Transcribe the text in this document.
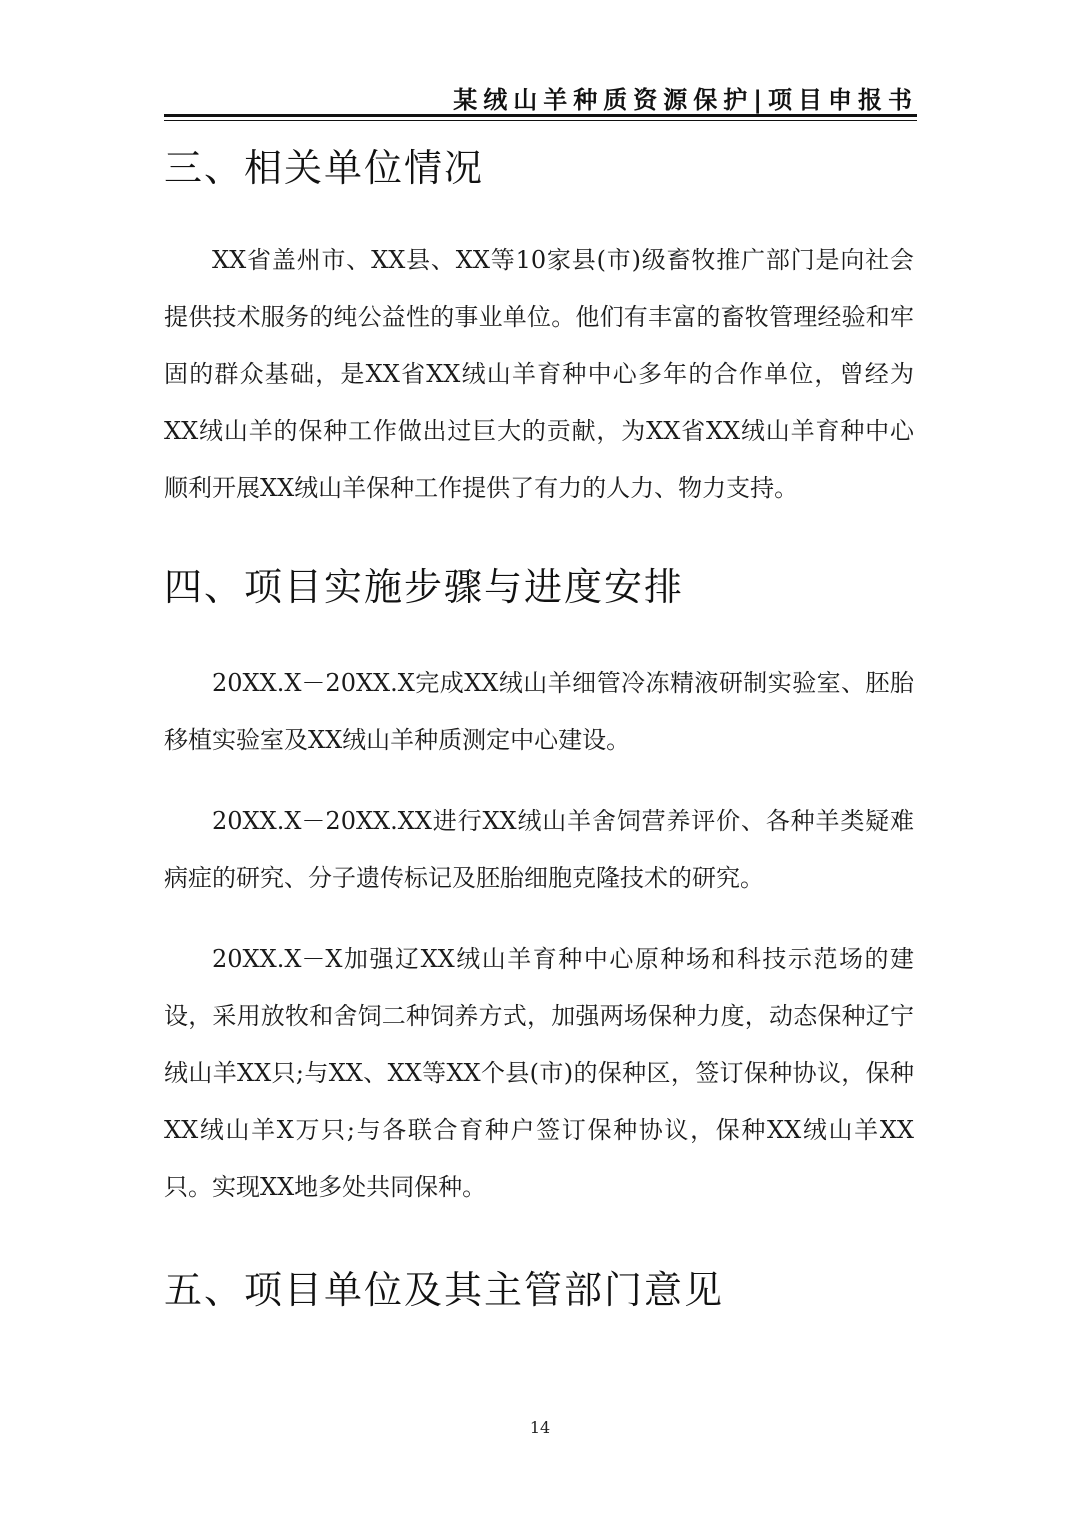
某绒山羊种质资源保护|项目申报书
三、相关单位情况

XX省盖州市、XX县、XX等10家县(市)级畜牧推广部门是向社会提供技术服务的纯公益性的事业单位。他们有丰富的畜牧管理经验和牢固的群众基础，是XX省XX绒山羊育种中心多年的合作单位，曾经为XX绒山羊的保种工作做出过巨大的贡献，为XX省XX绒山羊育种中心顺利开展XX绒山羊保种工作提供了有力的人力、物力支持。

四、项目实施步骤与进度安排

20XX.X－20XX.X完成XX绒山羊细管冷冻精液研制实验室、胚胎移植实验室及XX绒山羊种质测定中心建设。

20XX.X－20XX.XX进行XX绒山羊舍饲营养评价、各种羊类疑难病症的研究、分子遗传标记及胚胎细胞克隆技术的研究。

20XX.X－X加强辽XX绒山羊育种中心原种场和科技示范场的建设，采用放牧和舍饲二种饲养方式，加强两场保种力度，动态保种辽宁绒山羊XX只;与XX、XX等XX个县(市)的保种区，签订保种协议，保种XX绒山羊X万只;与各联合育种户签订保种协议，保种XX绒山羊XX只。实现XX地多处共同保种。

五、项目单位及其主管部门意见
14
